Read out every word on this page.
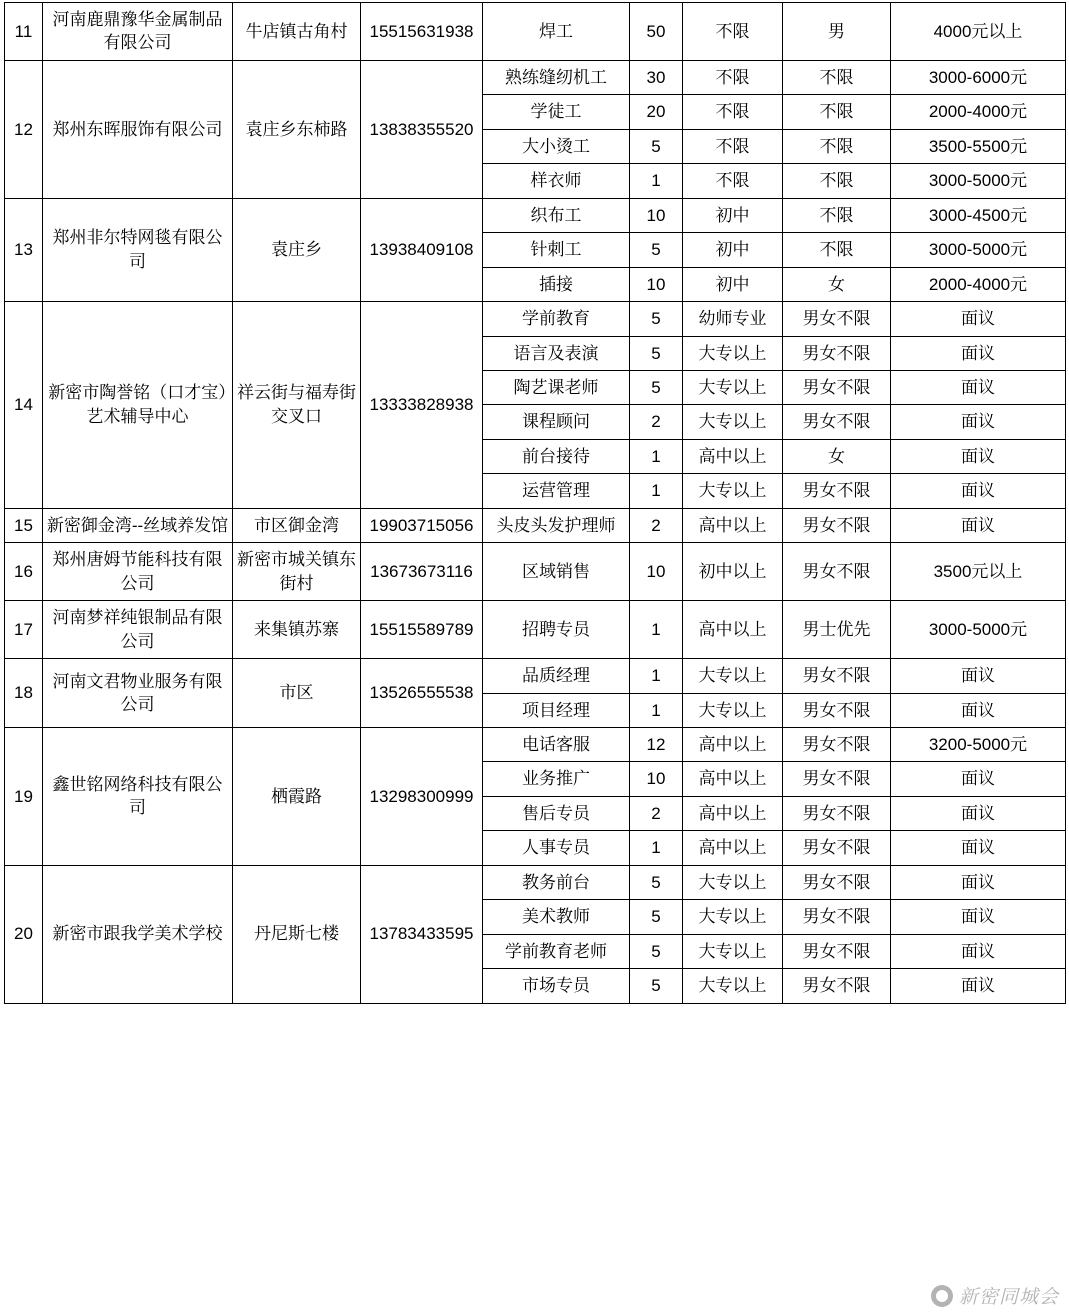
11	河南鹿鼎豫华金属制品有限公司	牛店镇古角村	15515631938	焊工	50	不限	男	4000元以上
12	郑州东晖服饰有限公司	袁庄乡东柿路	13838355520	熟练缝纫机工	30	不限	不限	3000-6000元
				学徒工	20	不限	不限	2000-4000元
				大小烫工	5	不限	不限	3500-5500元
				样衣师	1	不限	不限	3000-5000元
13	郑州非尔特网毯有限公司	袁庄乡	13938409108	织布工	10	初中	不限	3000-4500元
				针刺工	5	初中	不限	3000-5000元
				插接	10	初中	女	2000-4000元
14	新密市陶誉铭（口才宝）艺术辅导中心	祥云街与福寿街交叉口	13333828938	学前教育	5	幼师专业	男女不限	面议
				语言及表演	5	大专以上	男女不限	面议
				陶艺课老师	5	大专以上	男女不限	面议
				课程顾问	2	大专以上	男女不限	面议
				前台接待	1	高中以上	女	面议
				运营管理	1	大专以上	男女不限	面议
15	新密御金湾--丝域养发馆	市区御金湾	19903715056	头皮头发护理师	2	高中以上	男女不限	面议
16	郑州唐姆节能科技有限公司	新密市城关镇东街村	13673673116	区域销售	10	初中以上	男女不限	3500元以上
17	河南梦祥纯银制品有限公司	来集镇苏寨	15515589789	招聘专员	1	高中以上	男士优先	3000-5000元
18	河南文君物业服务有限公司	市区	13526555538	品质经理	1	大专以上	男女不限	面议
				项目经理	1	大专以上	男女不限	面议
19	鑫世铭网络科技有限公司	栖霞路	13298300999	电话客服	12	高中以上	男女不限	3200-5000元
				业务推广	10	高中以上	男女不限	面议
				售后专员	2	高中以上	男女不限	面议
				人事专员	1	高中以上	男女不限	面议
20	新密市跟我学美术学校	丹尼斯七楼	13783433595	教务前台	5	大专以上	男女不限	面议
				美术教师	5	大专以上	男女不限	面议
				学前教育老师	5	大专以上	男女不限	面议
				市场专员	5	大专以上	男女不限	面议
新密同城会
